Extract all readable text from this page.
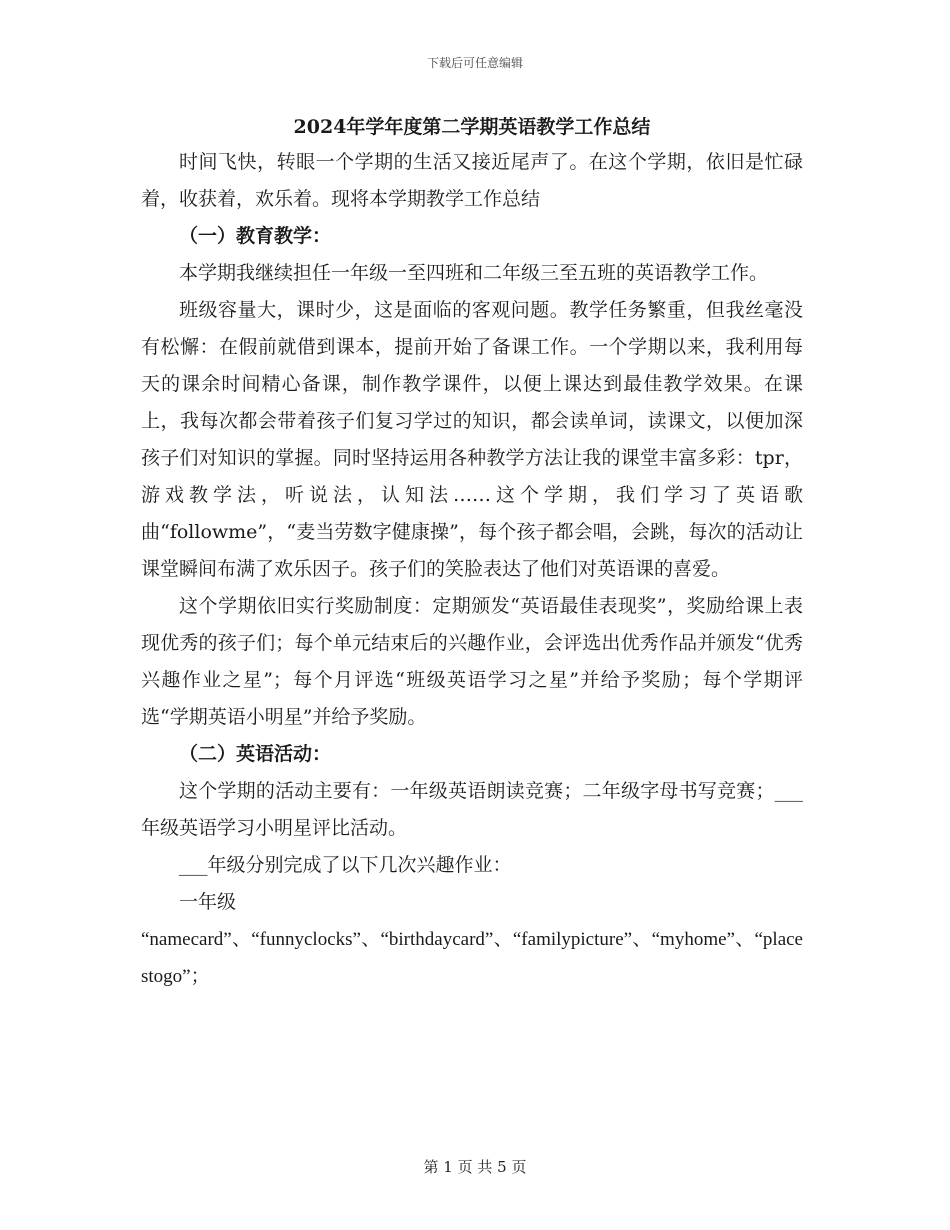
下载后可任意编辑
2024年学年度第二学期英语教学工作总结

时间飞快，转眼一个学期的生活又接近尾声了。在这个学期，依旧是忙碌着，收获着，欢乐着。现将本学期教学工作总结

（一）教育教学：

本学期我继续担任一年级一至四班和二年级三至五班的英语教学工作。

班级容量大，课时少，这是面临的客观问题。教学任务繁重，但我丝毫没有松懈：在假前就借到课本，提前开始了备课工作。一个学期以来，我利用每天的课余时间精心备课，制作教学课件，以便上课达到最佳教学效果。在课上，我每次都会带着孩子们复习学过的知识，都会读单词，读课文，以便加深孩子们对知识的掌握。同时坚持运用各种教学方法让我的课堂丰富多彩：tpr，游戏教学法，听说法，认知法……这个学期，我们学习了英语歌曲“followme”，“麦当劳数字健康操”，每个孩子都会唱，会跳，每次的活动让课堂瞬间布满了欢乐因子。孩子们的笑脸表达了他们对英语课的喜爱。

这个学期依旧实行奖励制度：定期颁发“英语最佳表现奖”，奖励给课上表现优秀的孩子们；每个单元结束后的兴趣作业，会评选出优秀作品并颁发“优秀兴趣作业之星”；每个月评选“班级英语学习之星”并给予奖励；每个学期评选“学期英语小明星”并给予奖励。

（二）英语活动：

这个学期的活动主要有：一年级英语朗读竞赛；二年级字母书写竞赛；___年级英语学习小明星评比活动。

___年级分别完成了以下几次兴趣作业：

一年级

“namecard”、“funnyclocks”、“birthdaycard”、“familypicture”、“myhome”、“placestogo”；

第 1 页 共 5 页
